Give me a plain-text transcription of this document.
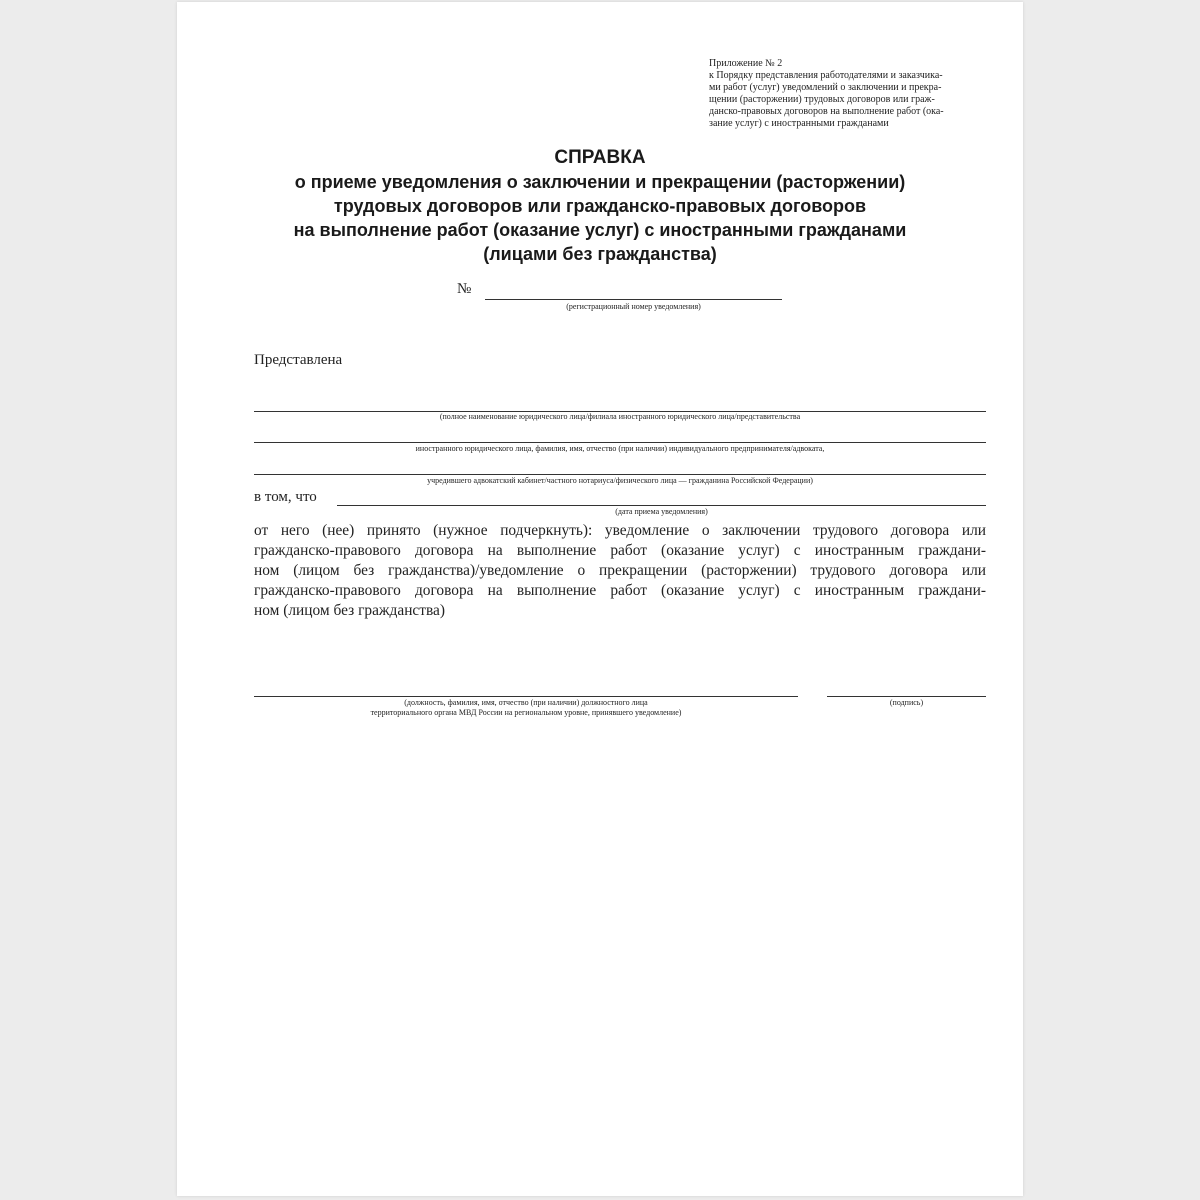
Приложение № 2
к Порядку представления работодателями и заказчика-
ми работ (услуг) уведомлений о заключении и прекра-
щении (расторжении) трудовых договоров или граж-
данско-правовых договоров на выполнение работ (ока-
зание услуг) с иностранными гражданами
СПРАВКА
о приеме уведомления о заключении и прекращении (расторжении)
трудовых договоров или гражданско-правовых договоров
на выполнение работ (оказание услуг) с иностранными гражданами
(лицами без гражданства)
№
(регистрационный номер уведомления)
Представлена
(полное наименование юридического лица/филиала иностранного юридического лица/представительства
иностранного юридического лица, фамилия, имя, отчество (при наличии) индивидуального предпринимателя/адвоката,
учредившего адвокатский кабинет/частного нотариуса/физического лица — гражданина Российской Федерации)
в том, что
(дата приема уведомления)
от него (нее) принято (нужное подчеркнуть): уведомление о заключении трудового договора или
гражданско-правового договора на выполнение работ (оказание услуг) с иностранным граждани-
ном (лицом без гражданства)/уведомление о прекращении (расторжении) трудового договора или
гражданско-правового договора на выполнение работ (оказание услуг) с иностранным граждани-
ном (лицом без гражданства)
(должность, фамилия, имя, отчество (при наличии) должностного лица
территориального органа МВД России на региональном уровне, принявшего уведомление)
(подпись)
